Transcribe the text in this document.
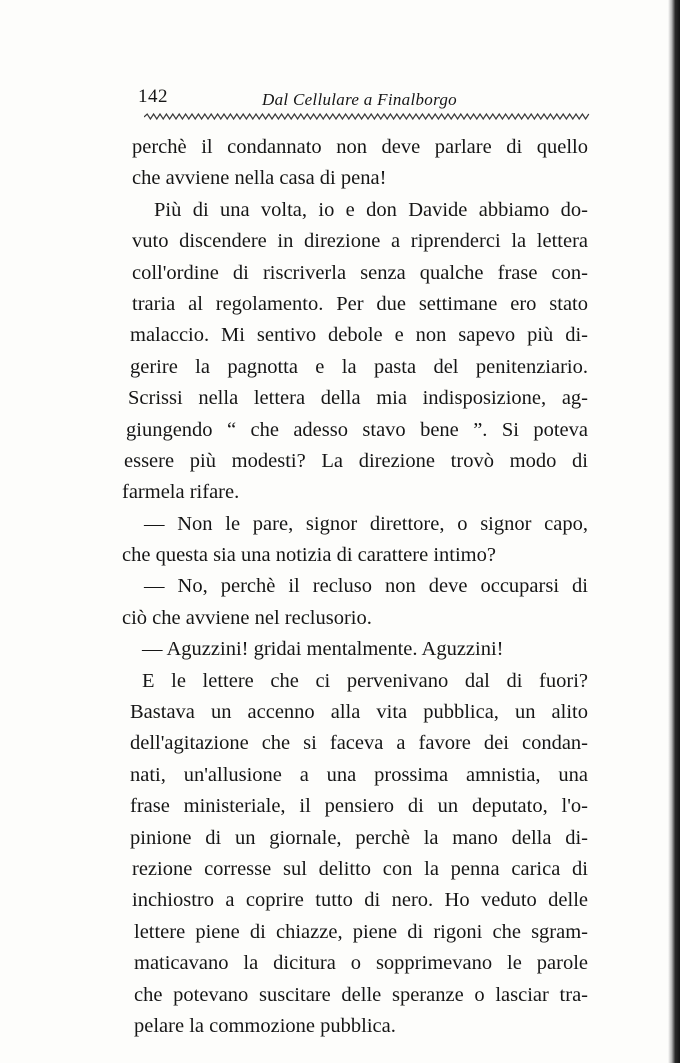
142	Dal Cellulare a Finalborgo
perchè il condannato non deve parlare di quello
che avviene nella casa di pena!
Più di una volta, io e don Davide abbiamo do-
vuto discendere in direzione a riprenderci la lettera
coll'ordine di riscriverla senza qualche frase con-
traria al regolamento. Per due settimane ero stato
malaccio. Mi sentivo debole e non sapevo più di-
gerire la pagnotta e la pasta del penitenziario.
Scrissi nella lettera della mia indisposizione, ag-
giungendo “ che adesso stavo bene ”. Si poteva
essere più modesti? La direzione trovò modo di
farmela rifare.
— Non le pare, signor direttore, o signor capo,
che questa sia una notizia di carattere intimo?
— No, perchè il recluso non deve occuparsi di
ciò che avviene nel reclusorio.
— Aguzzini! gridai mentalmente. Aguzzini!
E le lettere che ci pervenivano dal di fuori?
Bastava un accenno alla vita pubblica, un alito
dell'agitazione che si faceva a favore dei condan-
nati, un'allusione a una prossima amnistia, una
frase ministeriale, il pensiero di un deputato, l'o-
pinione di un giornale, perchè la mano della di-
rezione corresse sul delitto con la penna carica di
inchiostro a coprire tutto di nero. Ho veduto delle
lettere piene di chiazze, piene di rigoni che sgram-
maticavano la dicitura o sopprimevano le parole
che potevano suscitare delle speranze o lasciar tra-
pelare la commozione pubblica.
